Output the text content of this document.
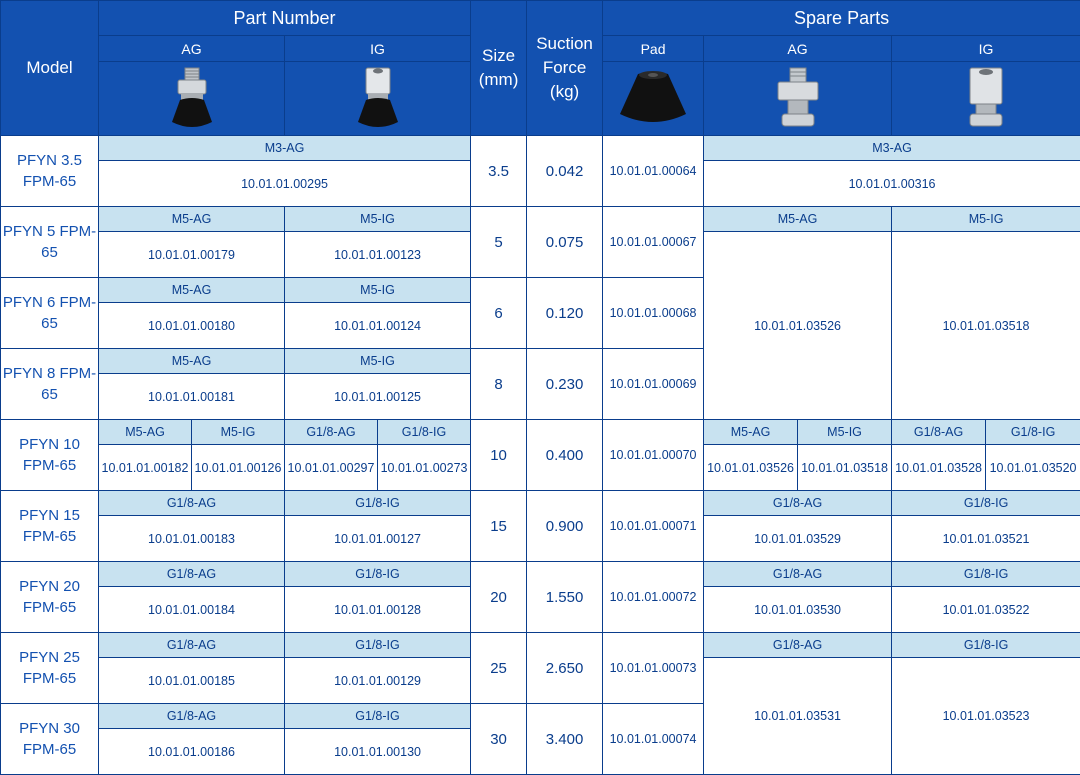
Model	Part Number				Size (mm)	Suction Force (kg)	Spare Parts				
	AG		IG				Pad	AG		IG	

PFYN 3.5 FPM-65	M3-AG				3.5	0.042	10.01.01.00064	M3-AG			
	10.01.01.00295							10.01.01.00316			
PFYN 5 FPM-65	M5-AG		M5-IG		5	0.075	10.01.01.00067	M5-AG		M5-IG	
	10.01.01.00179		10.01.01.00123					10.01.01.03526		10.01.01.03518	
PFYN 6 FPM-65	M5-AG		M5-IG		6	0.120	10.01.01.00068				
	10.01.01.00180		10.01.01.00124								
PFYN 8 FPM-65	M5-AG		M5-IG		8	0.230	10.01.01.00069				
	10.01.01.00181		10.01.01.00125								
PFYN 10 FPM-65	M5-AG	M5-IG	G1/8-AG	G1/8-IG	10	0.400	10.01.01.00070	M5-AG	M5-IG	G1/8-AG	G1/8-IG
	10.01.01.00182	10.01.01.00126	10.01.01.00297	10.01.01.00273				10.01.01.03526	10.01.01.03518	10.01.01.03528	10.01.01.03520
PFYN 15 FPM-65	G1/8-AG		G1/8-IG		15	0.900	10.01.01.00071	G1/8-AG		G1/8-IG	
	10.01.01.00183		10.01.01.00127					10.01.01.03529		10.01.01.03521	
PFYN 20 FPM-65	G1/8-AG		G1/8-IG		20	1.550	10.01.01.00072	G1/8-AG		G1/8-IG	
	10.01.01.00184		10.01.01.00128					10.01.01.03530		10.01.01.03522	
PFYN 25 FPM-65	G1/8-AG		G1/8-IG		25	2.650	10.01.01.00073	G1/8-AG		G1/8-IG	
	10.01.01.00185		10.01.01.00129					10.01.01.03531		10.01.01.03523	
PFYN 30 FPM-65	G1/8-AG		G1/8-IG		30	3.400	10.01.01.00074				
	10.01.01.00186		10.01.01.00130								
